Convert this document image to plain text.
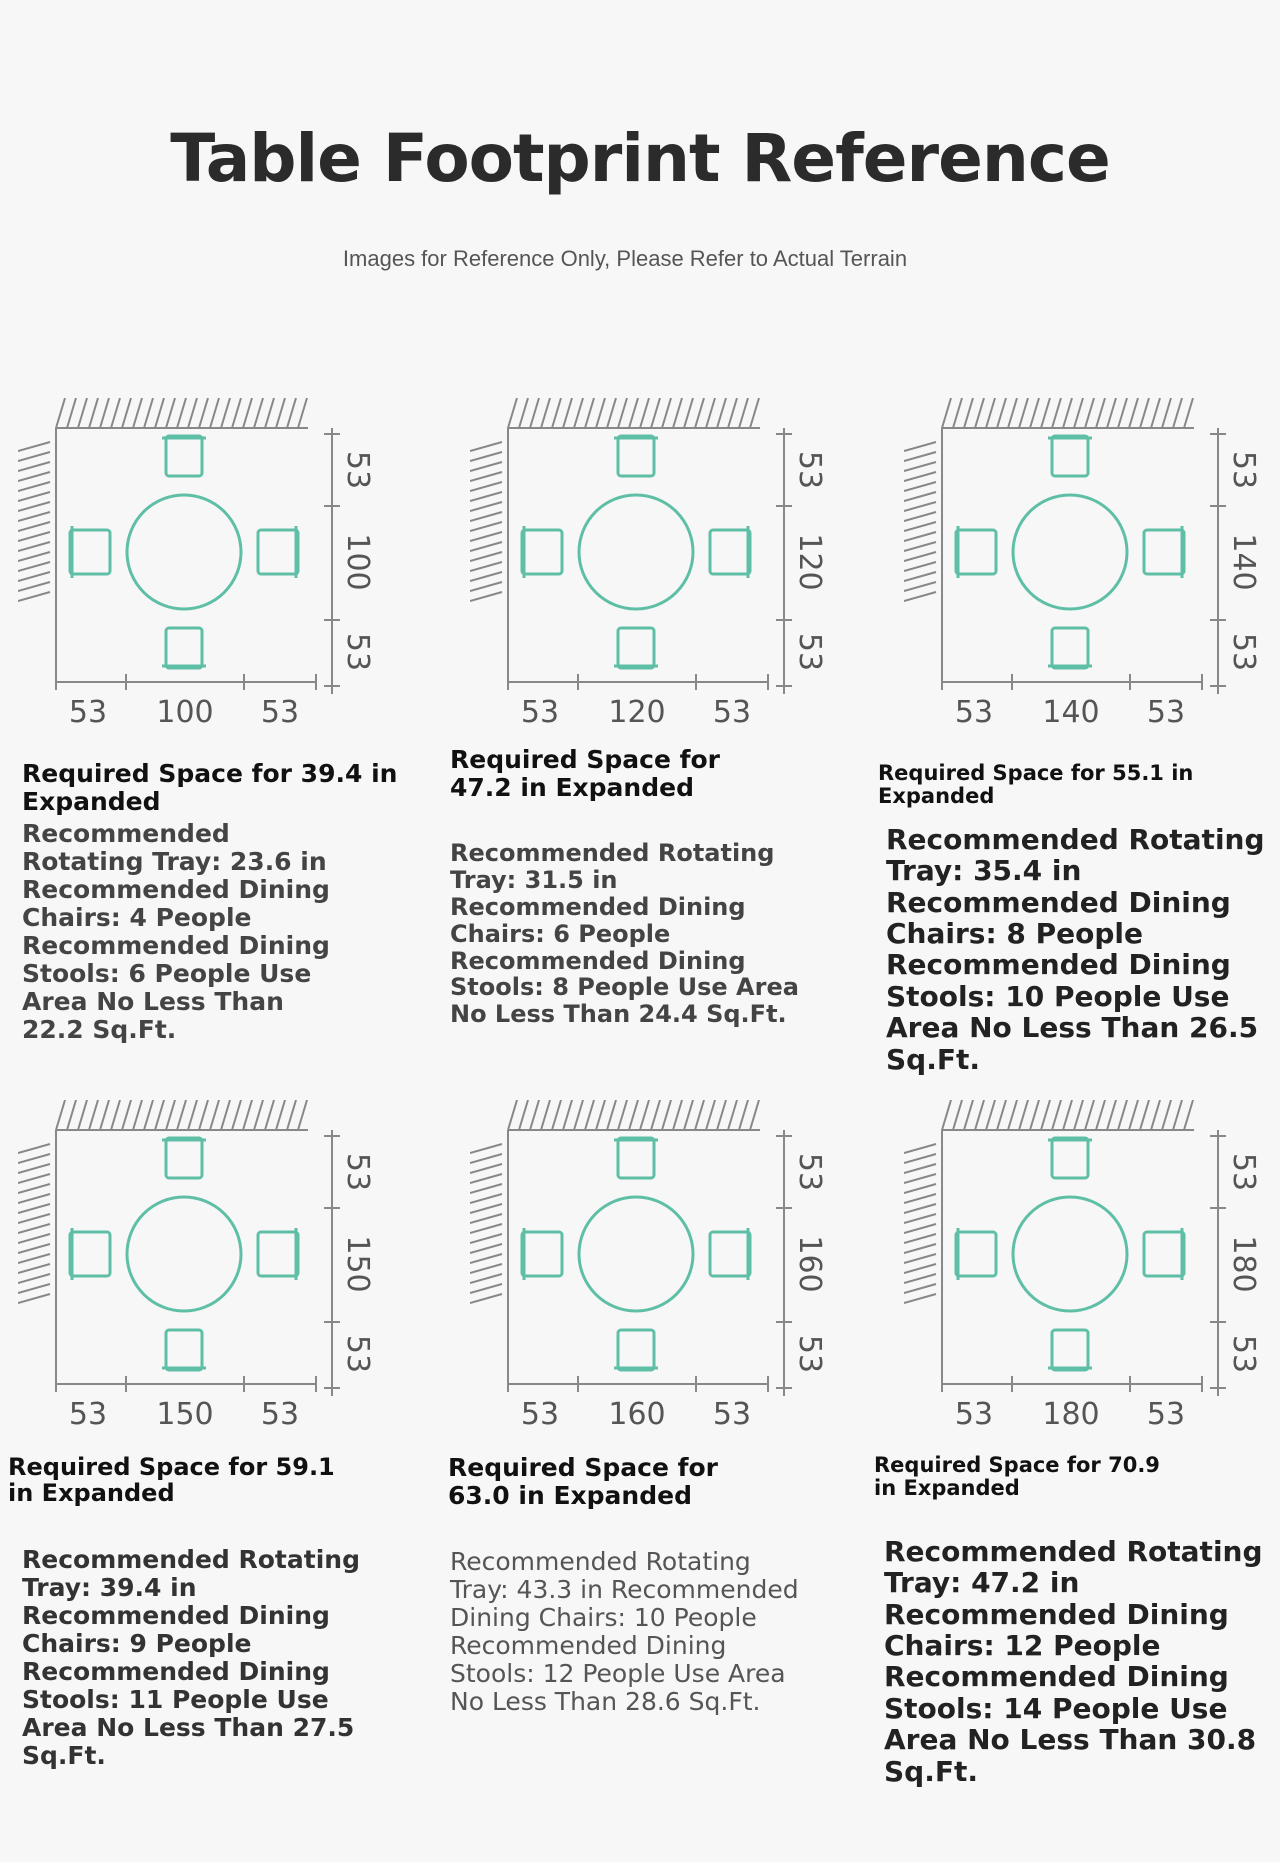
Table Footprint Reference
Images for Reference Only, Please Refer to Actual Terrain
53 100 53
53
100
53
53 120 53
53
120
53
53 140 53
53
140
53
53 150 53
53
150
53
53 160 53
53
160
53
53 180 53
53
180
53
Required Space for 39.4 in Expanded
Required Space for 47.2 in Expanded	Required Space for 55.1 in Expanded
Required Space for 59.1 in Expanded
Required Space for 63.0 in Expanded
Required Space for 70.9 in Expanded
Recommended Rotating Tray: 23.6 in Recommended Dining Chairs: 4 People Recommended Dining Stools: 6 People Use Area No Less Than 22.2 Sq.Ft.
Recommended Rotating Tray: 31.5 in Recommended Dining Chairs: 6 People Recommended Dining Stools: 8 People Use Area No Less Than 24.4 Sq.Ft.
Recommended Rotating Tray: 35.4 in Recommended Dining Chairs: 8 People Recommended Dining Stools: 10 People Use Area No Less Than 26.5 Sq.Ft.
Recommended Rotating Tray: 39.4 in Recommended Dining Chairs: 9 People Recommended Dining Stools: 11 People Use Area No Less Than 27.5 Sq.Ft.
Recommended Rotating Tray: 43.3 in Recommended Dining Chairs: 10 People Recommended Dining Stools: 12 People Use Area No Less Than 28.6 Sq.Ft.
Recommended Rotating Tray: 47.2 in Recommended Dining Chairs: 12 People Recommended Dining Stools: 14 People Use Area No Less Than 30.8 Sq.Ft.
